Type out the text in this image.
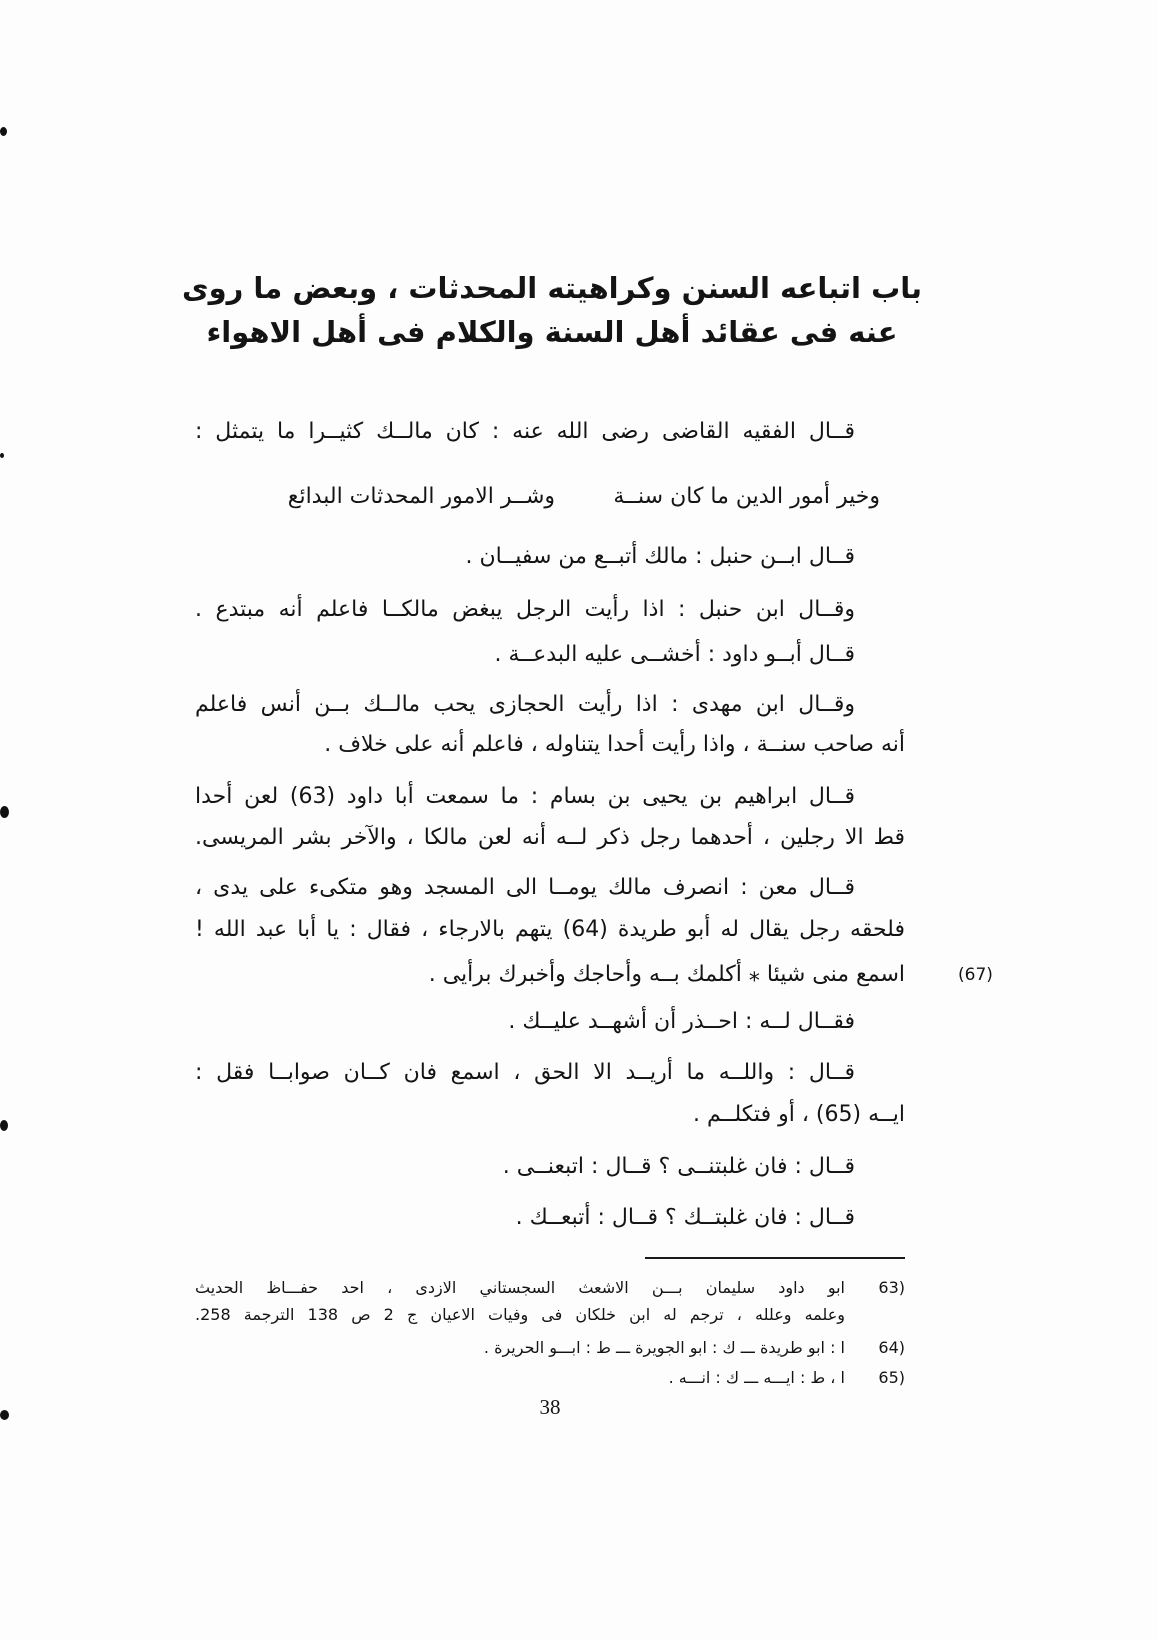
باب اتباعه السنن وكراهيته المحدثات ، وبعض ما روى
عنه فى عقائد أهل السنة والكلام فى أهل الاهواء
قــال الفقيه القاضى رضى الله عنه : كان مالــك كثيــرا ما يتمثل :
وخير أمور الدين ما كان سنــة
وشــر الامور المحدثات البدائع
قــال ابــن حنبل : مالك أتبــع من سفيــان .
وقــال ابن حنبل : اذا رأيت الرجل يبغض مالكــا فاعلم أنه مبتدع .
قــال أبــو داود : أخشــى عليه البدعــة .
وقــال ابن مهدى : اذا رأيت الحجازى يحب مالــك بــن أنس فاعلم
أنه صاحب سنــة ، واذا رأيت أحدا يتناوله ، فاعلم أنه على خلاف .
قــال ابراهيم بن يحيى بن بسام : ما سمعت أبا داود (63) لعن أحدا
قط الا رجلين ، أحدهما رجل ذكر لــه أنه لعن مالكا ، والآخر بشر المريسى.
قــال معن : انصرف مالك يومــا الى المسجد وهو متكىء على يدى ،
فلحقه رجل يقال له أبو طريدة (64) يتهم بالارجاء ، فقال : يا أبا عبد الله !
اسمع منى شيئا ⁎ أكلمك بــه وأحاجك وأخبرك برأيى .
فقــال لــه : احــذر أن أشهــد عليــك .
قــال : واللــه ما أريــد الا الحق ، اسمع فان كــان صوابــا فقل :
ايــه (65) ، أو فتكلــم .
قــال : فان غلبتنــى ؟ قــال : اتبعنــى .
قــال : فان غلبتــك ؟ قــال : أتبعــك .
(67)
63)
ابو داود سليمان بـــن الاشعث السجستاني الازدى ، احد حفـــاظ الحديث
وعلمه وعلله ، ترجم له ابن خلكان فى وفيات الاعيان ج 2 ص 138 الترجمة 258.
64)
ا : ابو طريدة ـــ ك : ابو الجويرة ـــ ط : ابـــو الحريرة .
65)
ا ، ط : ايـــه ـــ ك : انـــه .
38
